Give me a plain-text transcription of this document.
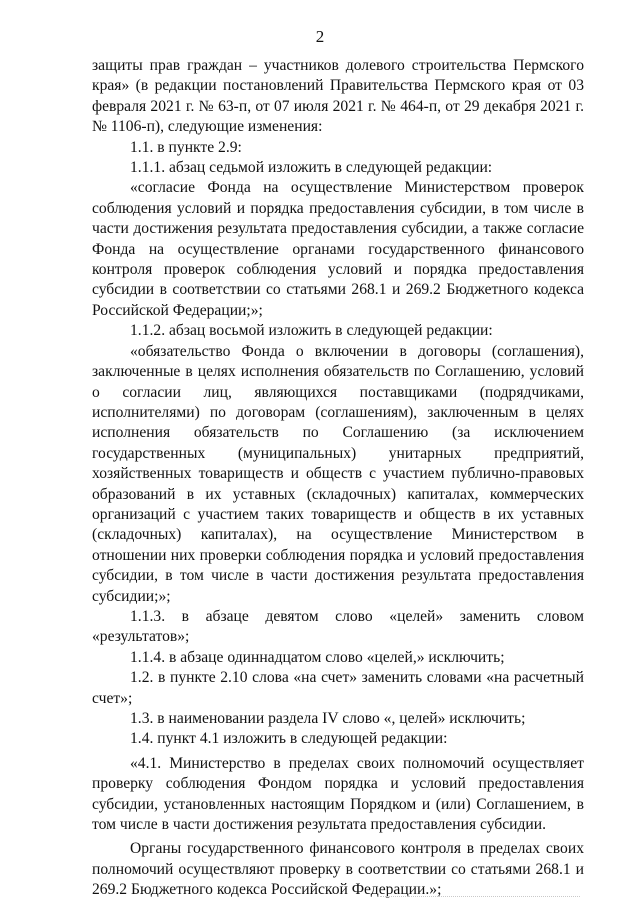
2

защиты прав граждан – участников долевого строительства Пермского края» (в редакции постановлений Правительства Пермского края от 03 февраля 2021 г. № 63-п, от 07 июля 2021 г. № 464-п, от 29 декабря 2021 г. № 1106-п), следующие изменения:

1.1. в пункте 2.9:

1.1.1. абзац седьмой изложить в следующей редакции:

«согласие Фонда на осуществление Министерством проверок соблюдения условий и порядка предоставления субсидии, в том числе в части достижения результата предоставления субсидии, а также согласие Фонда на осуществление органами государственного финансового контроля проверок соблюдения условий и порядка предоставления субсидии в соответствии со статьями 268.1 и 269.2 Бюджетного кодекса Российской Федерации;»;

1.1.2. абзац восьмой изложить в следующей редакции:

«обязательство Фонда о включении в договоры (соглашения), заключенные в целях исполнения обязательств по Соглашению, условий о согласии лиц, являющихся поставщиками (подрядчиками, исполнителями) по договорам (соглашениям), заключенным в целях исполнения обязательств по Соглашению (за исключением государственных (муниципальных) унитарных предприятий, хозяйственных товариществ и обществ с участием публично-правовых образований в их уставных (складочных) капиталах, коммерческих организаций с участием таких товариществ и обществ в их уставных (складочных) капиталах), на осуществление Министерством в отношении них проверки соблюдения порядка и условий предоставления субсидии, в том числе в части достижения результата предоставления субсидии;»;

1.1.3. в абзаце девятом слово «целей» заменить словом «результатов»;

1.1.4. в абзаце одиннадцатом слово «целей,» исключить;

1.2. в пункте 2.10 слова «на счет» заменить словами «на расчетный счет»;

1.3. в наименовании раздела IV слово «, целей» исключить;

1.4. пункт 4.1 изложить в следующей редакции:

«4.1. Министерство в пределах своих полномочий осуществляет проверку соблюдения Фондом порядка и условий предоставления субсидии, установленных настоящим Порядком и (или) Соглашением, в том числе в части достижения результата предоставления субсидии.

Органы государственного финансового контроля в пределах своих полномочий осуществляют проверку в соответствии со статьями 268.1 и 269.2 Бюджетного кодекса Российской Федерации.»;
